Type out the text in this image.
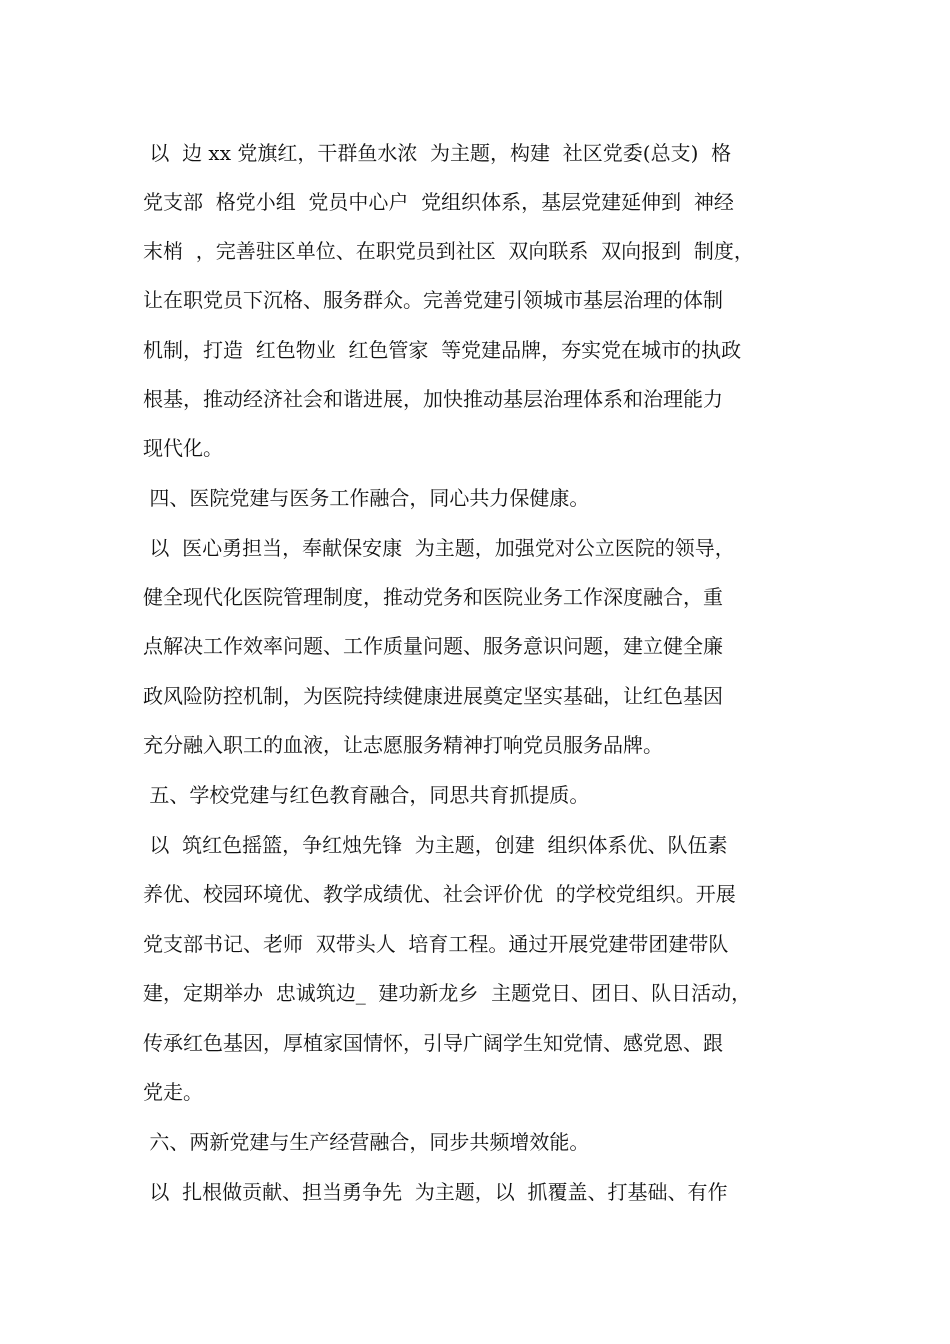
以  边 xx 党旗红，干群鱼水浓  为主题，构建  社区党委(总支)  格

党支部  格党小组  党员中心户  党组织体系，基层党建延伸到  神经

末梢  ，完善驻区单位、在职党员到社区  双向联系  双向报到  制度，

让在职党员下沉格、服务群众。完善党建引领城市基层治理的体制

机制，打造  红色物业  红色管家  等党建品牌，夯实党在城市的执政

根基，推动经济社会和谐进展，加快推动基层治理体系和治理能力

现代化。

四、医院党建与医务工作融合，同心共力保健康。

以  医心勇担当，奉献保安康  为主题，加强党对公立医院的领导，

健全现代化医院管理制度，推动党务和医院业务工作深度融合，重

点解决工作效率问题、工作质量问题、服务意识问题，建立健全廉

政风险防控机制，为医院持续健康进展奠定坚实基础，让红色基因

充分融入职工的血液，让志愿服务精神打响党员服务品牌。

五、学校党建与红色教育融合，同思共育抓提质。

以  筑红色摇篮，争红烛先锋  为主题，创建  组织体系优、队伍素

养优、校园环境优、教学成绩优、社会评价优  的学校党组织。开展

党支部书记、老师  双带头人  培育工程。通过开展党建带团建带队

建，定期举办  忠诚筑边_  建功新龙乡  主题党日、团日、队日活动，

传承红色基因，厚植家国情怀，引导广阔学生知党情、感党恩、跟

党走。

六、两新党建与生产经营融合，同步共频增效能。

以  扎根做贡献、担当勇争先  为主题，以  抓覆盖、打基础、有作
